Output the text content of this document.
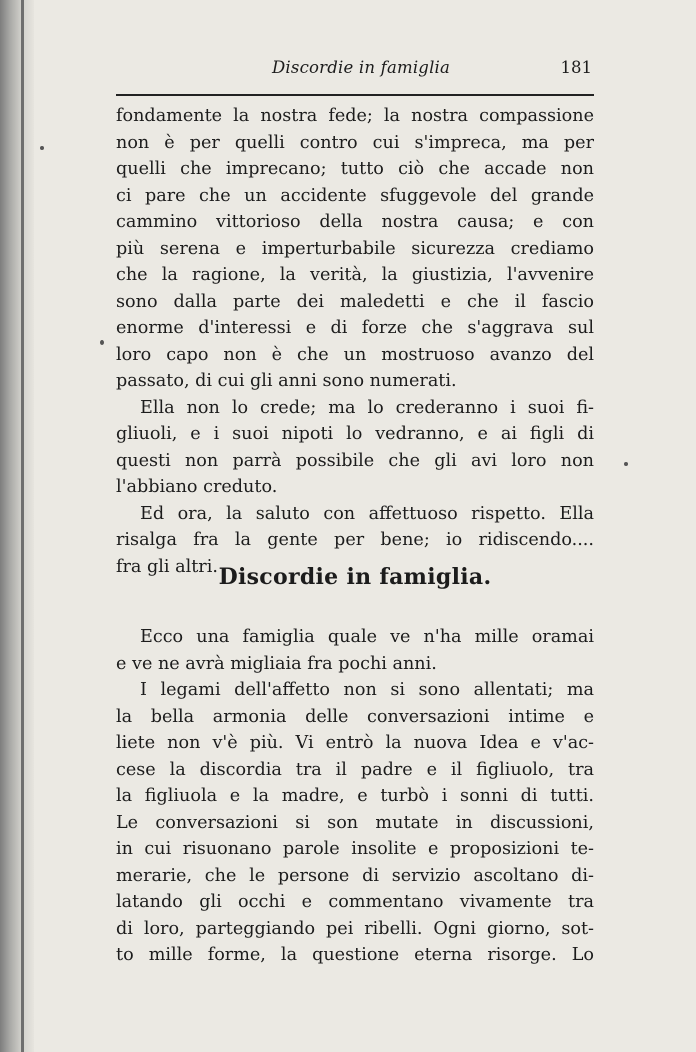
Discordie in famiglia	181
fondamente la nostra fede; la nostra compassione
non è per quelli contro cui s'impreca, ma per
quelli che imprecano; tutto ciò che accade non
ci pare che un accidente sfuggevole del grande
cammino vittorioso della nostra causa; e con
più serena e imperturbabile sicurezza crediamo
che la ragione, la verità, la giustizia, l'avvenire
sono dalla parte dei maledetti e che il fascio
enorme d'interessi e di forze che s'aggrava sul
loro capo non è che un mostruoso avanzo del
passato, di cui gli anni sono numerati.
Ella non lo crede; ma lo crederanno i suoi fi-
gliuoli, e i suoi nipoti lo vedranno, e ai figli di
questi non parrà possibile che gli avi loro non
l'abbiano creduto.
Ed ora, la saluto con affettuoso rispetto. Ella
risalga fra la gente per bene; io ridiscendo....
fra gli altri. Discordie in famiglia.
Ecco una famiglia quale ve n'ha mille oramai
e ve ne avrà migliaia fra pochi anni.
I legami dell'affetto non si sono allentati; ma
la bella armonia delle conversazioni intime e
liete non v'è più. Vi entrò la nuova Idea e v'ac-
cese la discordia tra il padre e il figliuolo, tra
la figliuola e la madre, e turbò i sonni di tutti.
Le conversazioni si son mutate in discussioni,
in cui risuonano parole insolite e proposizioni te-
merarie, che le persone di servizio ascoltano di-
latando gli occhi e commentano vivamente tra
di loro, parteggiando pei ribelli. Ogni giorno, sot-
to mille forme, la questione eterna risorge. Lo
